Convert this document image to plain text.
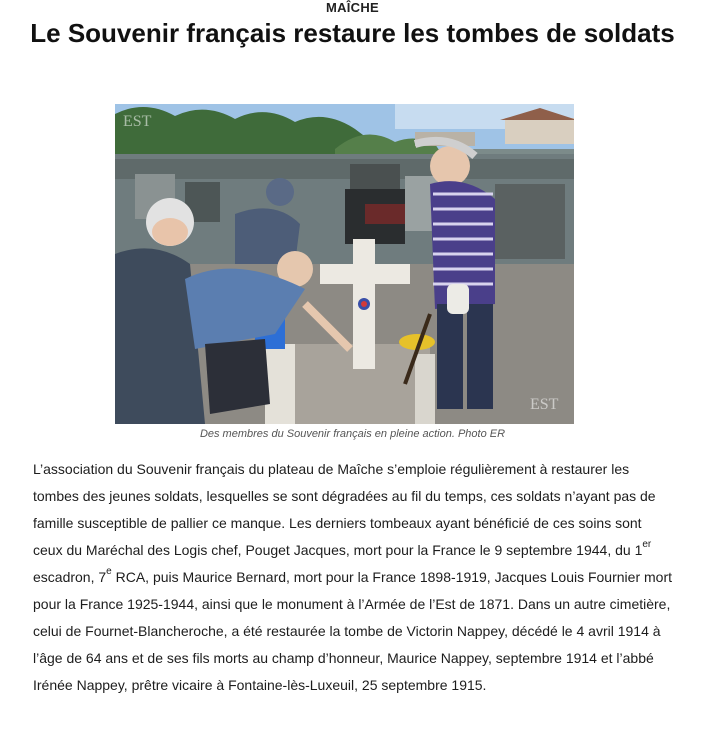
MAÎCHE
Le Souvenir français restaure les tombes de soldats
EST
EST
Des membres du Souvenir français en pleine action. Photo ER

L’association du Souvenir français du plateau de Maîche s’emploie régulièrement à restaurer les tombes des jeunes soldats, lesquelles se sont dégradées au fil du temps, ces soldats n’ayant pas de famille susceptible de pallier ce manque. Les derniers tombeaux ayant bénéficié de ces soins sont ceux du Maréchal des Logis chef, Pouget Jacques, mort pour la France le 9 septembre 1944, du 1er escadron, 7e RCA, puis Maurice Bernard, mort pour la France 1898-1919, Jacques Louis Fournier mort pour la France 1925-1944, ainsi que le monument à l’Armée de l’Est de 1871. Dans un autre cimetière, celui de Fournet-Blancheroche, a été restaurée la tombe de Victorin Nappey, décédé le 4 avril 1914 à l’âge de 64 ans et de ses fils morts au champ d’honneur, Maurice Nappey, septembre 1914 et l’abbé Irénée Nappey, prêtre vicaire à Fontaine-lès-Luxeuil, 25 septembre 1915.
